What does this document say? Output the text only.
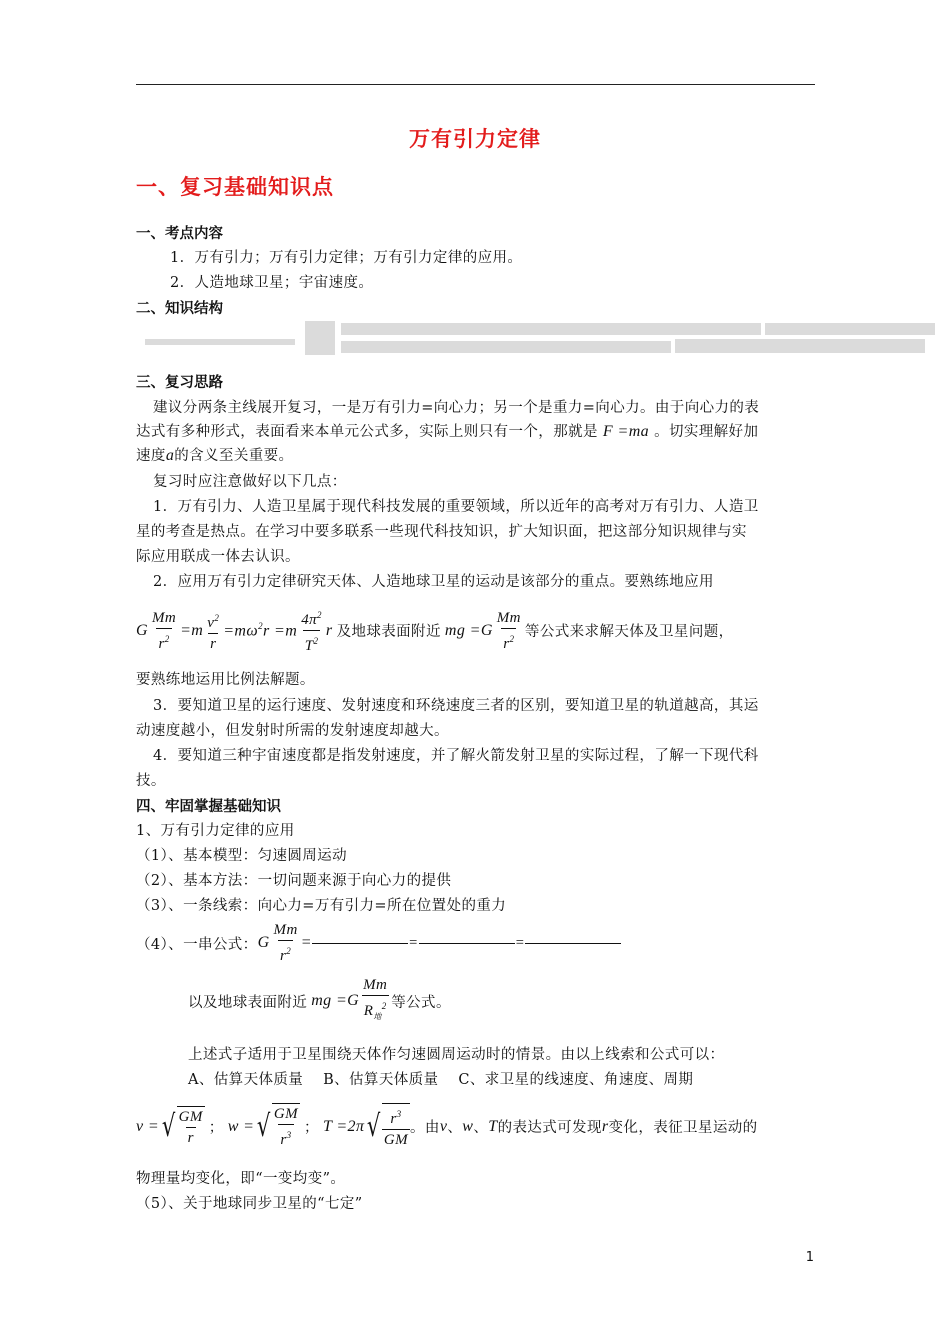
万有引力定律
一、复习基础知识点
一、考点内容
1．万有引力；万有引力定律；万有引力定律的应用。
2．人造地球卫星；宇宙速度。
二、知识结构
三、复习思路
建议分两条主线展开复习，一是万有引力=向心力；另一个是重力=向心力。由于向心力的表
达式有多种形式，表面看来本单元公式多，实际上则只有一个，那就是 F =ma 。切实理解好加
速度a的含义至关重要。
复习时应注意做好以下几点：
1．万有引力、人造卫星属于现代科技发展的重要领域，所以近年的高考对万有引力、人造卫
星的考查是热点。在学习中要多联系一些现代科技知识，扩大知识面，把这部分知识规律与实
际应用联成一体去认识。
2．应用万有引力定律研究天体、人造地球卫星的运动是该部分的重点。要熟练地应用
G $\frac{Mm}{r^2} =m \frac{v^2}{r} =m\omega^2r =m \frac{4\pi^2}{T^2}$ r 及地球表面附近 mg $=G \frac{Mm}{r^2}$ 等公式来求解天体及卫星问题，
要熟练地运用比例法解题。
3．要知道卫星的运行速度、发射速度和环绕速度三者的区别，要知道卫星的轨道越高，其运
动速度越小，但发射时所需的发射速度却越大。
4．要知道三种宇宙速度都是指发射速度，并了解火箭发射卫星的实际过程，了解一下现代科
技。
四、牢固掌握基础知识
1、万有引力定律的应用
（1）、基本模型：匀速圆周运动
（2）、基本方法：一切问题来源于向心力的提供
（3）、一条线索：向心力=万有引力=所在位置处的重力
（4）、一串公式： G $\frac{Mm}{r^2}$ =	=	=
以及地球表面附近 mg $=G \frac{Mm}{R_地^2}$ 等公式。
上述式子适用于卫星围绕天体作匀速圆周运动时的情景。由以上线索和公式可以：
A、估算天体质量　 B、估算天体质量　 C、求卫星的线速度、角速度、周期
v = √ $\frac{GM}{r}$ ； w = √ $\frac{GM}{r^3}$ ； T =2π √ $\frac{r^3}{GM}$ 。由 v 、 w 、 T 的表达式可发现 r 变化，表征卫星运动的
物理量均变化，即“一变均变”。
（5）、关于地球同步卫星的“七定”
1
